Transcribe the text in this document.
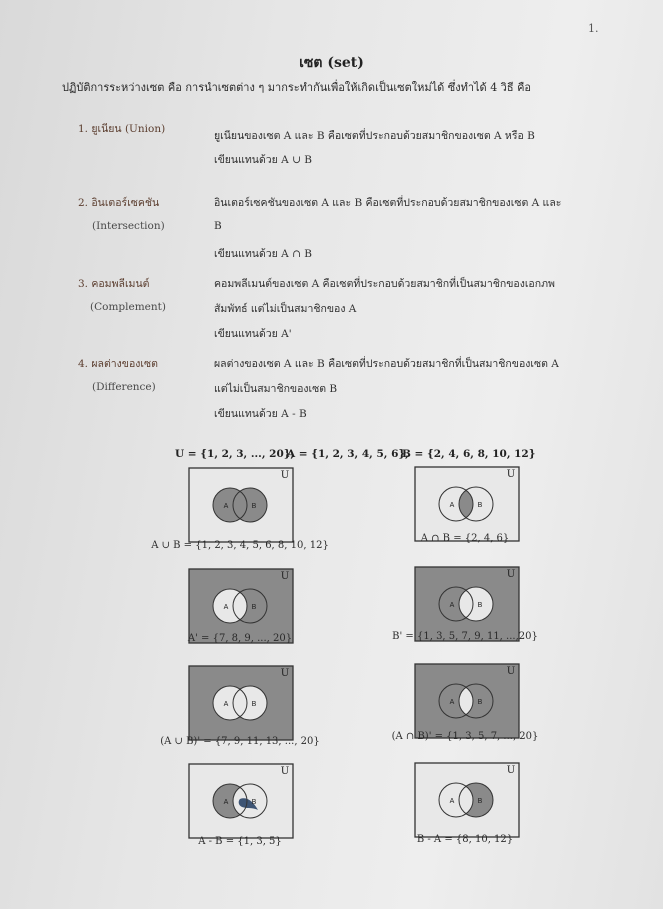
1.
เซต (set)
ปฏิบัติการระหว่างเซต คือ การนำเซตต่าง ๆ มากระทำกันเพื่อให้เกิดเป็นเซตใหม่ได้ ซึ่งทำได้ 4 วิธี คือ
1. ยูเนียน (Union)
ยูเนียนของเซต A และ B คือเซตที่ประกอบด้วยสมาชิกของเซต A หรือ B
เขียนแทนด้วย A ∪ B
2. อินเตอร์เซคชัน
(Intersection)
อินเตอร์เซคชันของเซต A และ B คือเซตที่ประกอบด้วยสมาชิกของเซต A และ
B
เขียนแทนด้วย A ∩ B
3. คอมพลีเมนต์
(Complement)
คอมพลีเมนต์ของเซต A คือเซตที่ประกอบด้วยสมาชิกที่เป็นสมาชิกของเอกภพ
สัมพัทธ์ แต่ไม่เป็นสมาชิกของ A
เขียนแทนด้วย A'
4. ผลต่างของเซต
(Difference)
ผลต่างของเซต A และ B คือเซตที่ประกอบด้วยสมาชิกที่เป็นสมาชิกของเซต A
แต่ไม่เป็นสมาชิกของเซต B
เขียนแทนด้วย A - B
U = {1, 2, 3, ..., 20},
A = {1, 2, 3, 4, 5, 6},
B = {2, 4, 6, 8, 10, 12}
A	B
U
A ∪ B = {1, 2, 3, 4, 5, 6, 8, 10, 12}
A	B
U
A ∩ B = {2, 4, 6}
A	B
U
A' = {7, 8, 9, ..., 20}
A	B
U
B' = {1, 3, 5, 7, 9, 11, ...,20}
A	B
U
(A ∪ B)' = {7, 9, 11, 13, ..., 20}
A	B
U
(A ∩ B)' = {1, 3, 5, 7, ..., 20}
A	B
U
A - B = {1, 3, 5}
A	B
U
B - A = {8, 10, 12}
